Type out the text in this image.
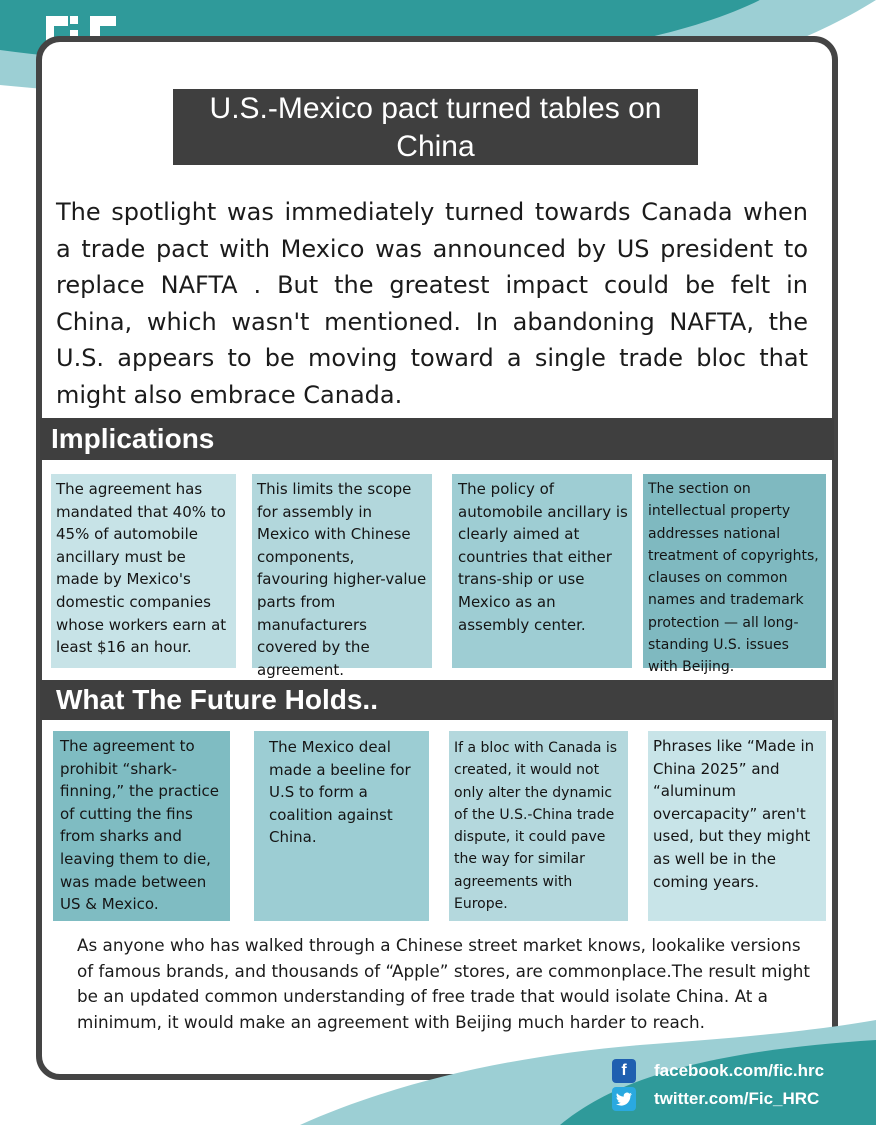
U.S.-Mexico pact turned tables on China

The spotlight was immediately turned towards Canada when a trade pact with Mexico was announced by US president to replace NAFTA . But the greatest impact could be felt in China, which wasn't mentioned. In abandoning NAFTA, the U.S. appears to be moving toward a single trade bloc that might also embrace Canada.

Implications
The agreement has mandated that 40% to 45% of automobile ancillary must be made by Mexico's domestic companies whose workers earn at least $16 an hour.
This limits the scope for assembly in Mexico with Chinese components, favouring higher-value parts from manufacturers covered by the agreement.
The policy of automobile ancillary is clearly aimed at countries that either trans-ship or use Mexico as an assembly center.
The section on intellectual property addresses national treatment of copyrights, clauses on common names and trademark protection — all long-standing U.S. issues with Beijing.
What The Future Holds..
The agreement to prohibit “shark-finning,” the practice of cutting the fins from sharks and leaving them to die, was made between US & Mexico.
The Mexico deal made a beeline for U.S to form a coalition against China.
If a bloc with Canada is created, it would not only alter the dynamic of the U.S.-China trade dispute, it could pave the way for similar agreements with Europe.
Phrases like “Made in China 2025” and “aluminum overcapacity” aren't used, but they might as well be in the coming years.

As anyone who has walked through a Chinese street market knows, lookalike versions of famous brands, and thousands of “Apple” stores, are commonplace.The result might be an updated common understanding of free trade that would isolate China. At a minimum, it would make an agreement with Beijing much harder to reach.

f	facebook.com/fic.hrc
twitter.com/Fic_HRC
